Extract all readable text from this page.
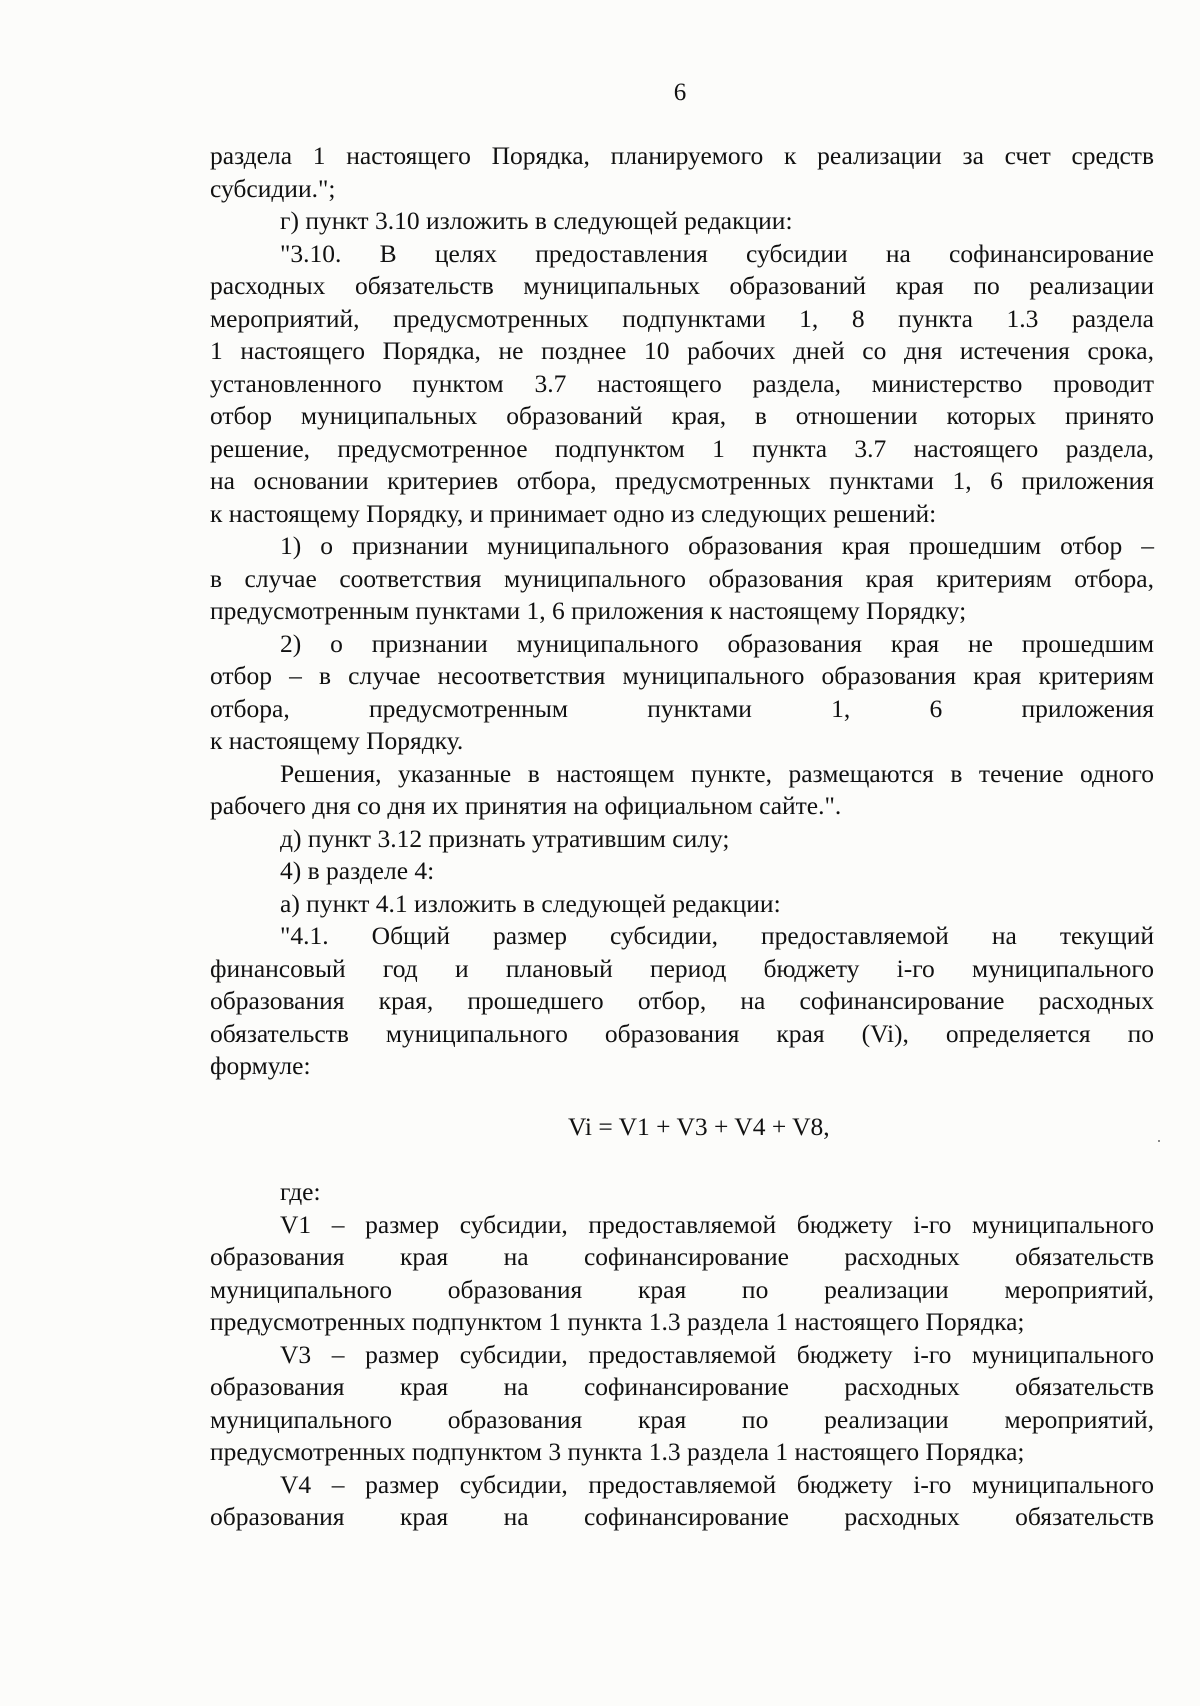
6
раздела 1 настоящего Порядка, планируемого к реализации за счет средств
субсидии.";
г) пункт 3.10 изложить в следующей редакции:
"3.10. В целях предоставления субсидии на софинансирование
расходных обязательств муниципальных образований края по реализации
мероприятий, предусмотренных подпунктами 1, 8 пункта 1.3 раздела
1 настоящего Порядка, не позднее 10 рабочих дней со дня истечения срока,
установленного пунктом 3.7 настоящего раздела, министерство проводит
отбор муниципальных образований края, в отношении которых принято
решение, предусмотренное подпунктом 1 пункта 3.7 настоящего раздела,
на основании критериев отбора, предусмотренных пунктами 1, 6 приложения
к настоящему Порядку, и принимает одно из следующих решений:
1) о признании муниципального образования края прошедшим отбор –
в случае соответствия муниципального образования края критериям отбора,
предусмотренным пунктами 1, 6 приложения к настоящему Порядку;
2) о признании муниципального образования края не прошедшим
отбор – в случае несоответствия муниципального образования края критериям
отбора, предусмотренным пунктами 1, 6 приложения
к настоящему Порядку.
Решения, указанные в настоящем пункте, размещаются в течение одного
рабочего дня со дня их принятия на официальном сайте.".
д) пункт 3.12 признать утратившим силу;
4) в разделе 4:
а) пункт 4.1 изложить в следующей редакции:
"4.1. Общий размер субсидии, предоставляемой на текущий
финансовый год и плановый период бюджету i-го муниципального
образования края, прошедшего отбор, на софинансирование расходных
обязательств муниципального образования края (Vi), определяется по
формуле:
Vi = V1 + V3 + V4 + V8,
где:
V1 – размер субсидии, предоставляемой бюджету i-го муниципального
образования края на софинансирование расходных обязательств
муниципального образования края по реализации мероприятий,
предусмотренных подпунктом 1 пункта 1.3 раздела 1 настоящего Порядка;
V3 – размер субсидии, предоставляемой бюджету i-го муниципального
образования края на софинансирование расходных обязательств
муниципального образования края по реализации мероприятий,
предусмотренных подпунктом 3 пункта 1.3 раздела 1 настоящего Порядка;
V4 – размер субсидии, предоставляемой бюджету i-го муниципального
образования края на софинансирование расходных обязательств
